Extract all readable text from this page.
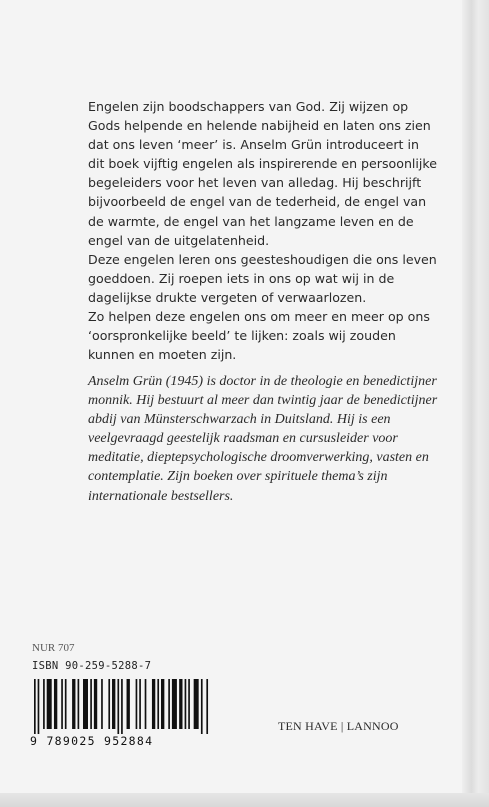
Engelen zijn boodschappers van God. Zij wijzen op Gods helpende en helende nabijheid en laten ons zien dat ons leven ‘meer’ is. Anselm Grün introduceert in dit boek vijftig engelen als inspirerende en persoonlijke begeleiders voor het leven van alledag. Hij beschrijft bijvoorbeeld de engel van de tederheid, de engel van de warmte, de engel van het langzame leven en de engel van de uitgelatenheid.

Deze engelen leren ons geesteshoudigen die ons leven goeddoen. Zij roepen iets in ons op wat wij in de dagelijkse drukte vergeten of verwaarlozen.

Zo helpen deze engelen ons om meer en meer op ons ‘oorspronkelijke beeld’ te lijken: zoals wij zouden kunnen en moeten zijn.

Anselm Grün (1945) is doctor in de theologie en benedictijner monnik. Hij bestuurt al meer dan twintig jaar de benedictijner abdij van Münsterschwarzach in Duitsland. Hij is een veelgevraagd geestelijk raadsman en cursusleider voor meditatie, dieptepsychologische droomverwerking, vasten en contemplatie. Zijn boeken over spirituele thema’s zijn internationale bestsellers.
NUR 707
ISBN 90-259-5288-7
9 789025 952884
TEN HAVE | LANNOO
